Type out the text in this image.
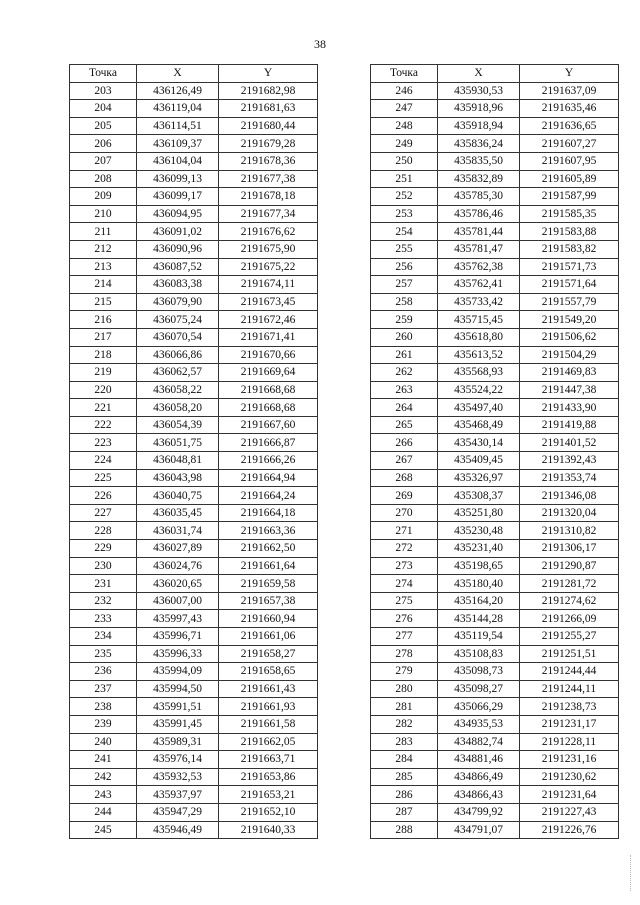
38
Точка	X	Y
203	436126,49	2191682,98
204	436119,04	2191681,63
205	436114,51	2191680,44
206	436109,37	2191679,28
207	436104,04	2191678,36
208	436099,13	2191677,38
209	436099,17	2191678,18
210	436094,95	2191677,34
211	436091,02	2191676,62
212	436090,96	2191675,90
213	436087,52	2191675,22
214	436083,38	2191674,11
215	436079,90	2191673,45
216	436075,24	2191672,46
217	436070,54	2191671,41
218	436066,86	2191670,66
219	436062,57	2191669,64
220	436058,22	2191668,68
221	436058,20	2191668,68
222	436054,39	2191667,60
223	436051,75	2191666,87
224	436048,81	2191666,26
225	436043,98	2191664,94
226	436040,75	2191664,24
227	436035,45	2191664,18
228	436031,74	2191663,36
229	436027,89	2191662,50
230	436024,76	2191661,64
231	436020,65	2191659,58
232	436007,00	2191657,38
233	435997,43	2191660,94
234	435996,71	2191661,06
235	435996,33	2191658,27
236	435994,09	2191658,65
237	435994,50	2191661,43
238	435991,51	2191661,93
239	435991,45	2191661,58
240	435989,31	2191662,05
241	435976,14	2191663,71
242	435932,53	2191653,86
243	435937,97	2191653,21
244	435947,29	2191652,10
245	435946,49	2191640,33
Точка	X	Y
246	435930,53	2191637,09
247	435918,96	2191635,46
248	435918,94	2191636,65
249	435836,24	2191607,27
250	435835,50	2191607,95
251	435832,89	2191605,89
252	435785,30	2191587,99
253	435786,46	2191585,35
254	435781,44	2191583,88
255	435781,47	2191583,82
256	435762,38	2191571,73
257	435762,41	2191571,64
258	435733,42	2191557,79
259	435715,45	2191549,20
260	435618,80	2191506,62
261	435613,52	2191504,29
262	435568,93	2191469,83
263	435524,22	2191447,38
264	435497,40	2191433,90
265	435468,49	2191419,88
266	435430,14	2191401,52
267	435409,45	2191392,43
268	435326,97	2191353,74
269	435308,37	2191346,08
270	435251,80	2191320,04
271	435230,48	2191310,82
272	435231,40	2191306,17
273	435198,65	2191290,87
274	435180,40	2191281,72
275	435164,20	2191274,62
276	435144,28	2191266,09
277	435119,54	2191255,27
278	435108,83	2191251,51
279	435098,73	2191244,44
280	435098,27	2191244,11
281	435066,29	2191238,73
282	434935,53	2191231,17
283	434882,74	2191228,11
284	434881,46	2191231,16
285	434866,49	2191230,62
286	434866,43	2191231,64
287	434799,92	2191227,43
288	434791,07	2191226,76
